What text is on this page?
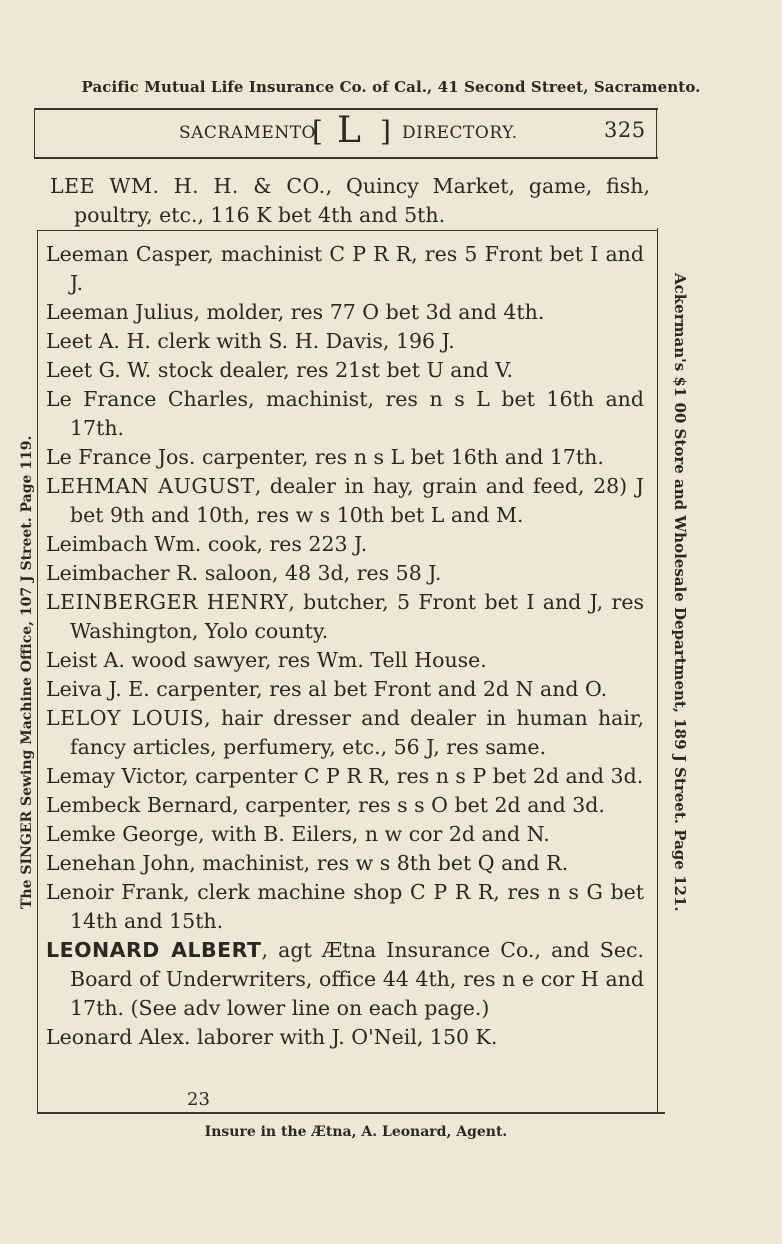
Pacific Mutual Life Insurance Co. of Cal., 41 Second Street, Sacramento.
The SINGER Sewing Machine Office, 107 J Street. Page 119.	Ackerman's $1 00 Store and Wholesale Department, 189 J Street. Page 121.
SACRAMENTO
[ L ] DIRECTORY.	325
LEE WM. H. H. & CO., Quincy Market, game, fish, poultry, etc., 116 K bet 4th and 5th.
Leeman Casper, machinist C P R R, res 5 Front bet I and J.
Leeman Julius, molder, res 77 O bet 3d and 4th.
Leet A. H. clerk with S. H. Davis, 196 J.
Leet G. W. stock dealer, res 21st bet U and V.
Le France Charles, machinist, res n s L bet 16th and 17th.
Le France Jos. carpenter, res n s L bet 16th and 17th.
LEHMAN AUGUST, dealer in hay, grain and feed, 28) J bet 9th and 10th, res w s 10th bet L and M.
Leimbach Wm. cook, res 223 J.
Leimbacher R. saloon, 48 3d, res 58 J.
LEINBERGER HENRY, butcher, 5 Front bet I and J, res Washington, Yolo county.
Leist A. wood sawyer, res Wm. Tell House.
Leiva J. E. carpenter, res al bet Front and 2d N and O.
LELOY LOUIS, hair dresser and dealer in human hair, fancy articles, perfumery, etc., 56 J, res same.
Lemay Victor, carpenter C P R R, res n s P bet 2d and 3d.
Lembeck Bernard, carpenter, res s s O bet 2d and 3d.
Lemke George, with B. Eilers, n w cor 2d and N.
Lenehan John, machinist, res w s 8th bet Q and R.
Lenoir Frank, clerk machine shop C P R R, res n s G bet 14th and 15th.
LEONARD ALBERT, agt Ætna Insurance Co., and Sec. Board of Underwriters, office 44 4th, res n e cor H and 17th. (See adv lower line on each page.)
Leonard Alex. laborer with J. O'Neil, 150 K.
23
Insure in the Ætna, A. Leonard, Agent.
